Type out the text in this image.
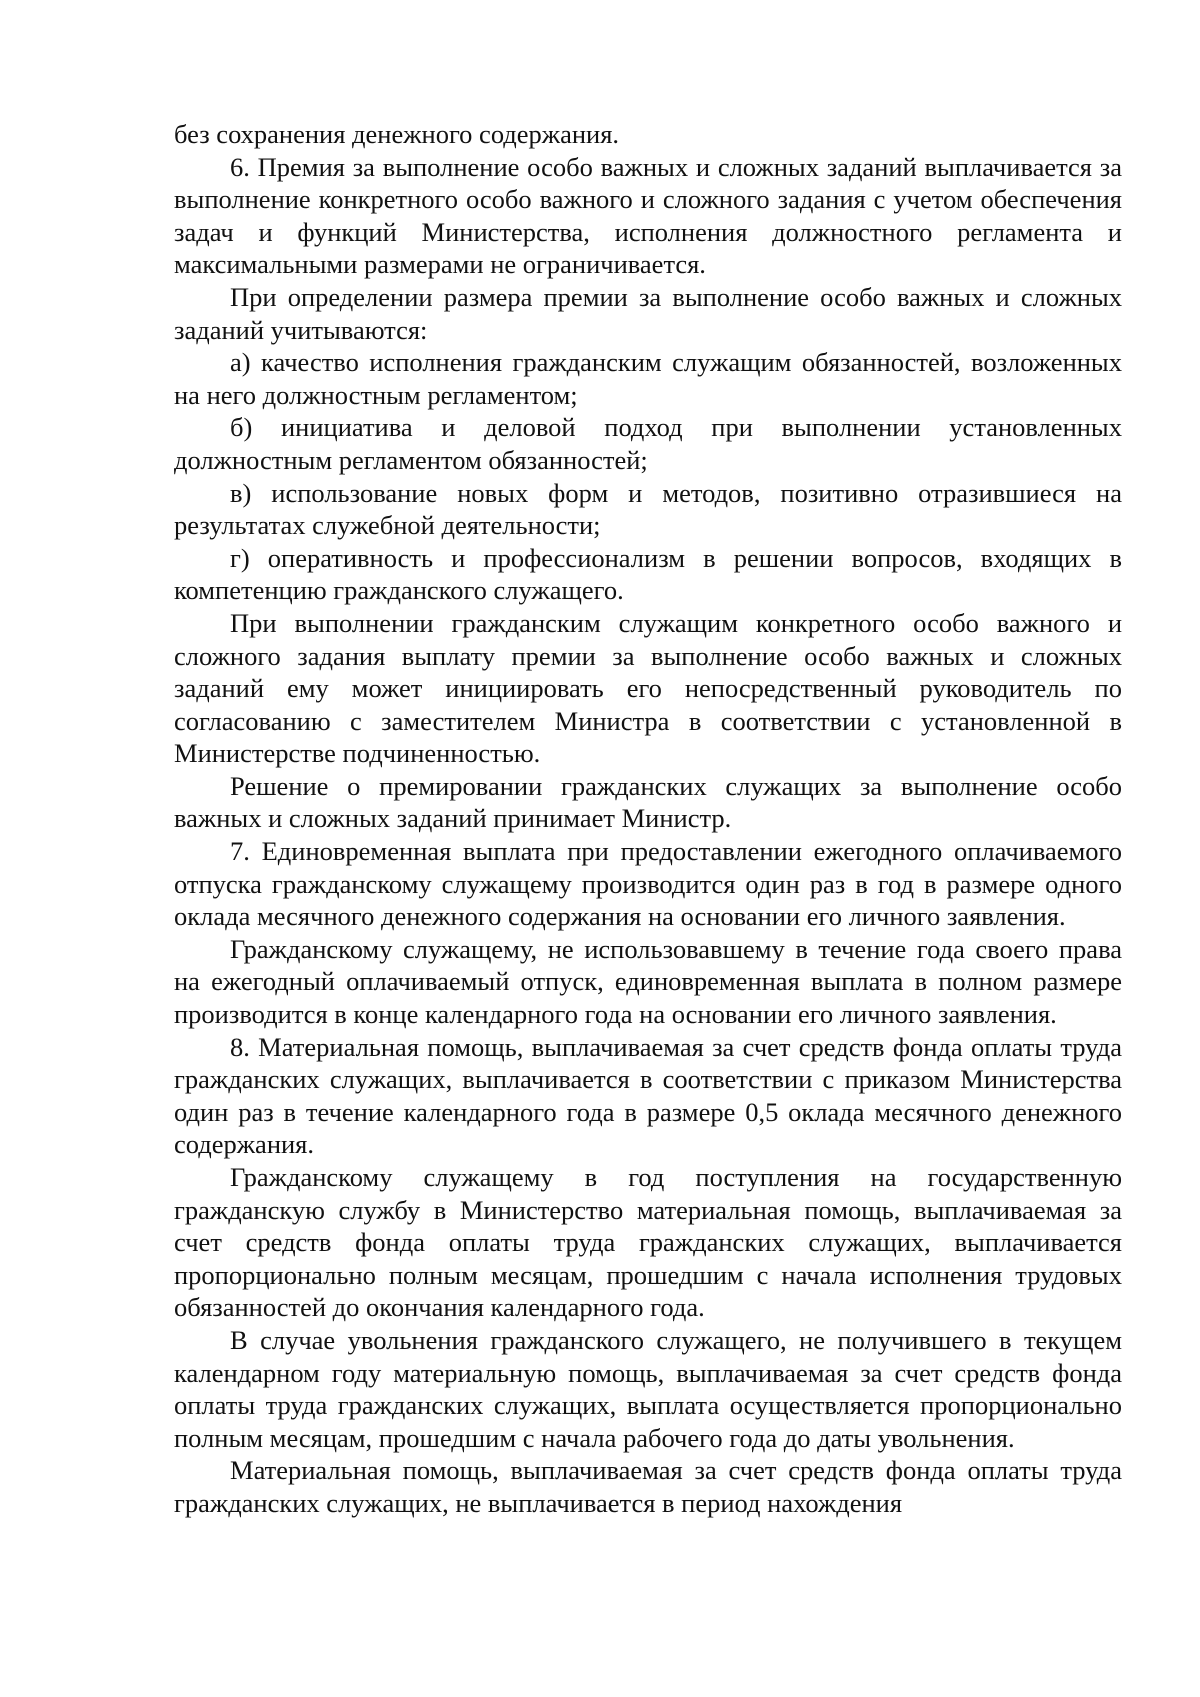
без сохранения денежного содержания.

6. Премия за выполнение особо важных и сложных заданий выплачивается за выполнение конкретного особо важного и сложного задания с учетом обеспечения задач и функций Министерства, исполнения должностного регламента и максимальными размерами не ограничивается.

При определении размера премии за выполнение особо важных и сложных заданий учитываются:

а) качество исполнения гражданским служащим обязанностей, возложенных на него должностным регламентом;

б) инициатива и деловой подход при выполнении установленных должностным регламентом обязанностей;

в) использование новых форм и методов, позитивно отразившиеся на результатах служебной деятельности;

г) оперативность и профессионализм в решении вопросов, входящих в компетенцию гражданского служащего.

При выполнении гражданским служащим конкретного особо важного и сложного задания выплату премии за выполнение особо важных и сложных заданий ему может инициировать его непосредственный руководитель по согласованию с заместителем Министра в соответствии с установленной в Министерстве подчиненностью.

Решение о премировании гражданских служащих за выполнение особо важных и сложных заданий принимает Министр.

7. Единовременная выплата при предоставлении ежегодного оплачиваемого отпуска гражданскому служащему производится один раз в год в размере одного оклада месячного денежного содержания на основании его личного заявления.

Гражданскому служащему, не использовавшему в течение года своего права на ежегодный оплачиваемый отпуск, единовременная выплата в полном размере производится в конце календарного года на основании его личного заявления.

8. Материальная помощь, выплачиваемая за счет средств фонда оплаты труда гражданских служащих, выплачивается в соответствии с приказом Министерства один раз в течение календарного года в размере 0,5 оклада месячного денежного содержания.

Гражданскому служащему в год поступления на государственную гражданскую службу в Министерство материальная помощь, выплачиваемая за счет средств фонда оплаты труда гражданских служащих, выплачивается пропорционально полным месяцам, прошедшим с начала исполнения трудовых обязанностей до окончания календарного года.

В случае увольнения гражданского служащего, не получившего в текущем календарном году материальную помощь, выплачиваемая за счет средств фонда оплаты труда гражданских служащих, выплата осуществляется пропорционально полным месяцам, прошедшим с начала рабочего года до даты увольнения.

Материальная помощь, выплачиваемая за счет средств фонда оплаты труда гражданских служащих, не выплачивается в период нахождения
